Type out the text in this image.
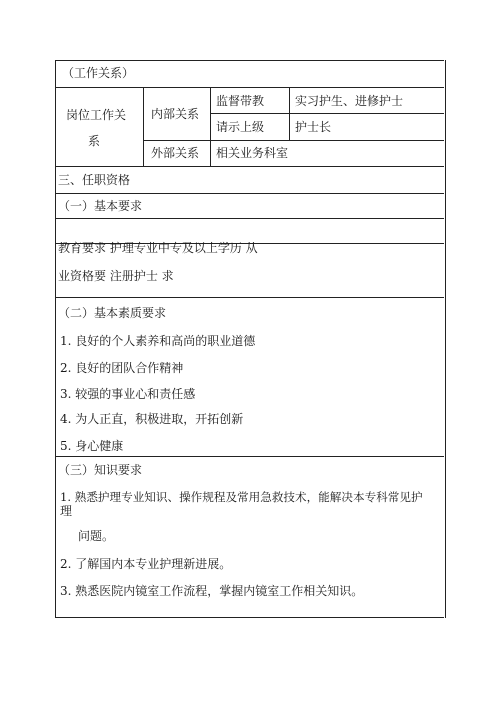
（工作关系）
岗位工作关
系
内部关系
外部关系
监督带教	实习护生、进修护士
请示上级	护士长
相关业务科室
三、任职资格
（一）基本要求
教育要求 护理专业中专及以上学历 从
业资格要 注册护士 求
（二）基本素质要求
1. 良好的个人素养和高尚的职业道德
2. 良好的团队合作精神
3. 较强的事业心和责任感
4. 为人正直，积极进取，开拓创新
5. 身心健康
（三）知识要求
1. 熟悉护理专业知识、操作规程及常用急救技术，能解决本专科常见护
理
问题。
2. 了解国内本专业护理新进展。
3. 熟悉医院内镜室工作流程，掌握内镜室工作相关知识。
